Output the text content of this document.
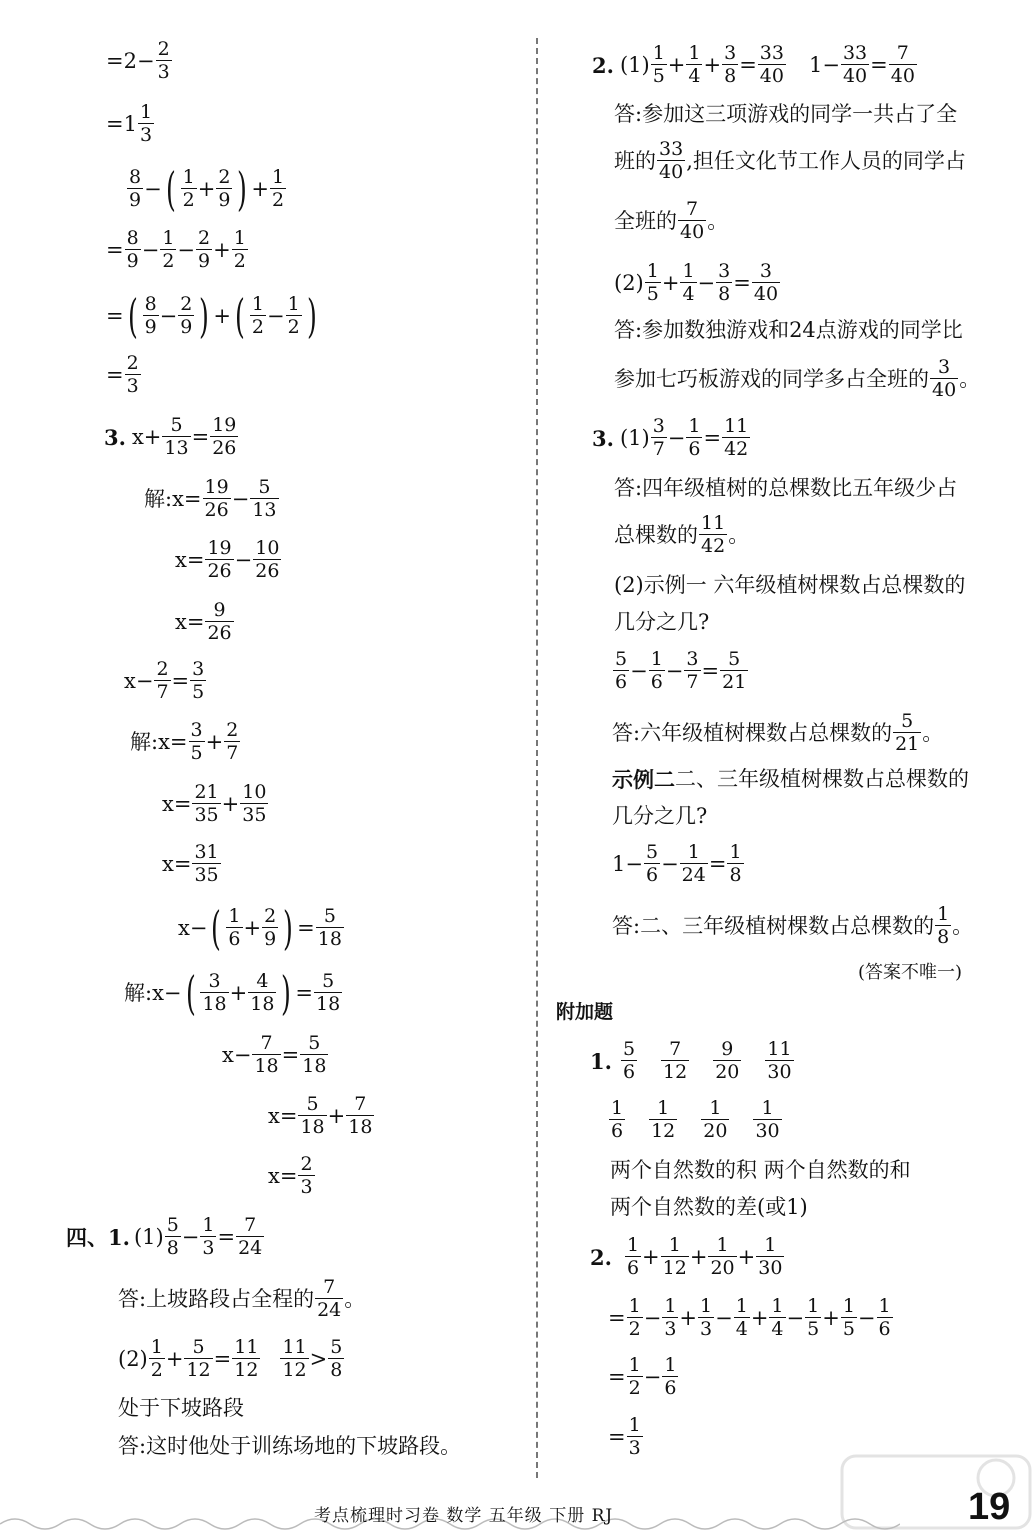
$=2- \frac{2}{3}$
$=1 \frac{1}{3}$
$\frac{8}{9}$ − ( $\frac{1}{2} + \frac{2}{9}$ ) + $\frac{1}{2}$
= $\frac{8}{9} - \frac{1}{2} - \frac{2}{9} + \frac{1}{2}$
= ( $\frac{8}{9} - \frac{2}{9}$ ) + ( $\frac{1}{2} - \frac{1}{2}$ )
= $\frac{2}{3}$
3. $x+ \frac{5}{13} = \frac{19}{26}$
解:x= $\frac{19}{26} - \frac{5}{13}$
$x= \frac{19}{26} - \frac{10}{26}$
$x= \frac{9}{26}$
$x- \frac{2}{7} = \frac{3}{5}$
解:x= $\frac{3}{5} + \frac{2}{7}$
$x= \frac{21}{35} + \frac{10}{35}$
$x= \frac{31}{35}$
x− ( $\frac{1}{6} + \frac{2}{9}$ ) = $\frac{5}{18}$
解:x− ( $\frac{3}{18} + \frac{4}{18}$ ) = $\frac{5}{18}$
$x- \frac{7}{18} = \frac{5}{18}$
$x= \frac{5}{18} + \frac{7}{18}$
$x= \frac{2}{3}$
四、1. $(1) \frac{5}{8} - \frac{1}{3} = \frac{7}{24}$
答:上坡路段占全程的 $\frac{7}{24}$ 。
$(2) \frac{1}{2} + \frac{5}{12} = \frac{11}{12} \frac{11}{12} > \frac{5}{8}$
处于下坡路段
答:这时他处于训练场地的下坡路段。
2. $(1) \frac{1}{5} + \frac{1}{4} + \frac{3}{8} = \frac{33}{40} 1- \frac{33}{40} = \frac{7}{40}$
答:参加这三项游戏的同学一共占了全
班的 $\frac{33}{40}$ ,担任文化节工作人员的同学占
全班的 $\frac{7}{40}$ 。
$(2) \frac{1}{5} + \frac{1}{4} - \frac{3}{8} = \frac{3}{40}$
答:参加数独游戏和24点游戏的同学比
参加七巧板游戏的同学多占全班的 $\frac{3}{40}$ 。
3. $(1) \frac{3}{7} - \frac{1}{6} = \frac{11}{42}$
答:四年级植树的总棵数比五年级少占
总棵数的 $\frac{11}{42}$ 。
(2)示例一 六年级植树棵数占总棵数的
几分之几?
$\frac{5}{6} - \frac{1}{6} - \frac{3}{7} = \frac{5}{21}$
答:六年级植树棵数占总棵数的 $\frac{5}{21}$ 。
示例二 二、三年级植树棵数占总棵数的
几分之几?
$1- \frac{5}{6} - \frac{1}{24} = \frac{1}{8}$
答:二、三年级植树棵数占总棵数的 $\frac{1}{8}$ 。
(答案不唯一)
附加题
1. $\frac{5}{6} \frac{7}{12} \frac{9}{20} \frac{11}{30}$
$\frac{1}{6} \frac{1}{12} \frac{1}{20} \frac{1}{30}$
两个自然数的积 两个自然数的和
两个自然数的差(或1)
2. $\frac{1}{6} + \frac{1}{12} + \frac{1}{20} + \frac{1}{30}$
= $\frac{1}{2} - \frac{1}{3} + \frac{1}{3} - \frac{1}{4} + \frac{1}{4} - \frac{1}{5} + \frac{1}{5} - \frac{1}{6}$
= $\frac{1}{2} - \frac{1}{6}$
= $\frac{1}{3}$
考点梳理时习卷 数学 五年级 下册 RJ	19
